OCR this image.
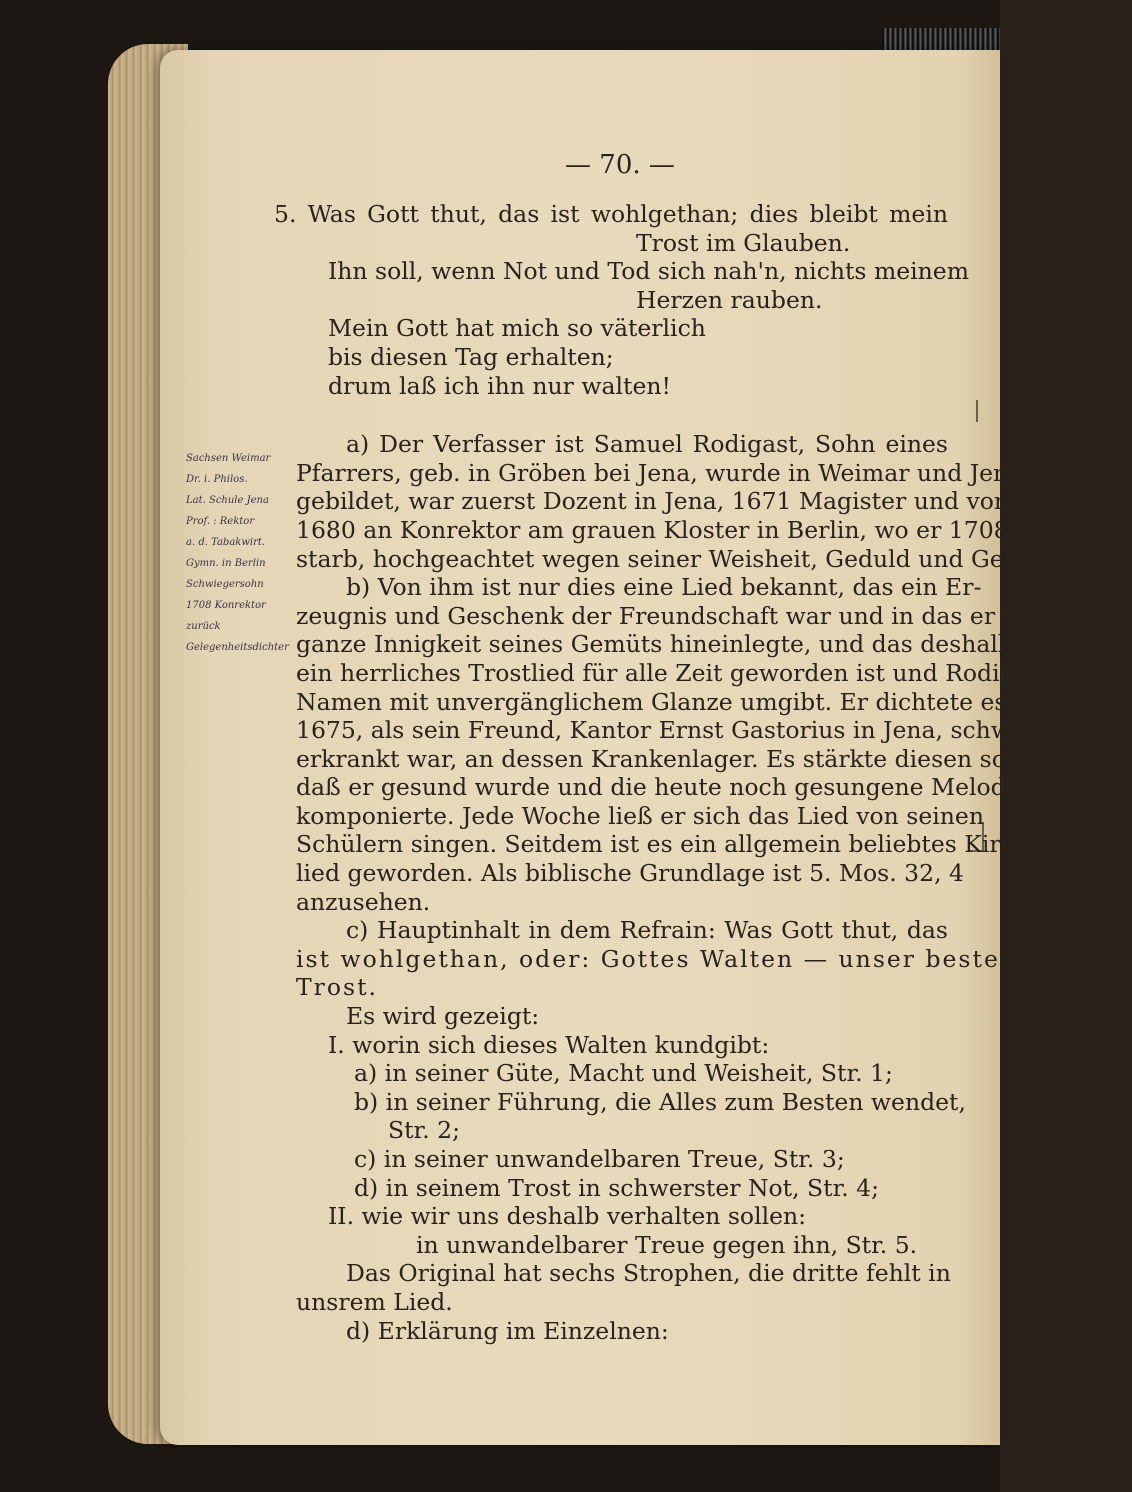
— 70. —
Sachsen Weimar
Dr. i. Philos.
Lat. Schule Jena
Prof. : Rektor
a. d. Tabakwirt.
Gymn. in Berlin
Schwiegersohn
1708 Konrektor
zurück
Gelegenheitsdichter
5. Was Gott thut, das ist wohlgethan; dies bleibt mein
Trost im Glauben.
Ihn soll, wenn Not und Tod sich nah'n, nichts meinem
Herzen rauben.
Mein Gott hat mich so väterlich
bis diesen Tag erhalten;
drum laß ich ihn nur walten!
a) Der Verfasser ist Samuel Rodigast, Sohn eines
Pfarrers, geb. in Gröben bei Jena, wurde in Weimar und Jena
gebildet, war zuerst Dozent in Jena, 1671 Magister und von
1680 an Konrektor am grauen Kloster in Berlin, wo er 1708
starb, hochgeachtet wegen seiner Weisheit, Geduld und Gelassenheit.
b) Von ihm ist nur dies eine Lied bekannt, das ein Er-
zeugnis und Geschenk der Freundschaft war und in das er die
ganze Innigkeit seines Gemüts hineinlegte, und das deshalb
ein herrliches Trostlied für alle Zeit geworden ist und Rodigast's
Namen mit unvergänglichem Glanze umgibt. Er dichtete es
1675, als sein Freund, Kantor Ernst Gastorius in Jena, schwer
erkrankt war, an dessen Krankenlager. Es stärkte diesen so,
daß er gesund wurde und die heute noch gesungene Melodie dazu
komponierte. Jede Woche ließ er sich das Lied von seinen
Schülern singen. Seitdem ist es ein allgemein beliebtes Kirchen-
lied geworden. Als biblische Grundlage ist 5. Mos. 32, 4
anzusehen.
c) Hauptinhalt in dem Refrain: Was Gott thut, das
ist wohlgethan, oder: Gottes Walten — unser bester
Trost.
Es wird gezeigt:
I. worin sich dieses Walten kundgibt:
a) in seiner Güte, Macht und Weisheit, Str. 1;
b) in seiner Führung, die Alles zum Besten wendet,
Str. 2;
c) in seiner unwandelbaren Treue, Str. 3;
d) in seinem Trost in schwerster Not, Str. 4;
II. wie wir uns deshalb verhalten sollen:
in unwandelbarer Treue gegen ihn, Str. 5.
Das Original hat sechs Strophen, die dritte fehlt in
unsrem Lied.
d) Erklärung im Einzelnen:
